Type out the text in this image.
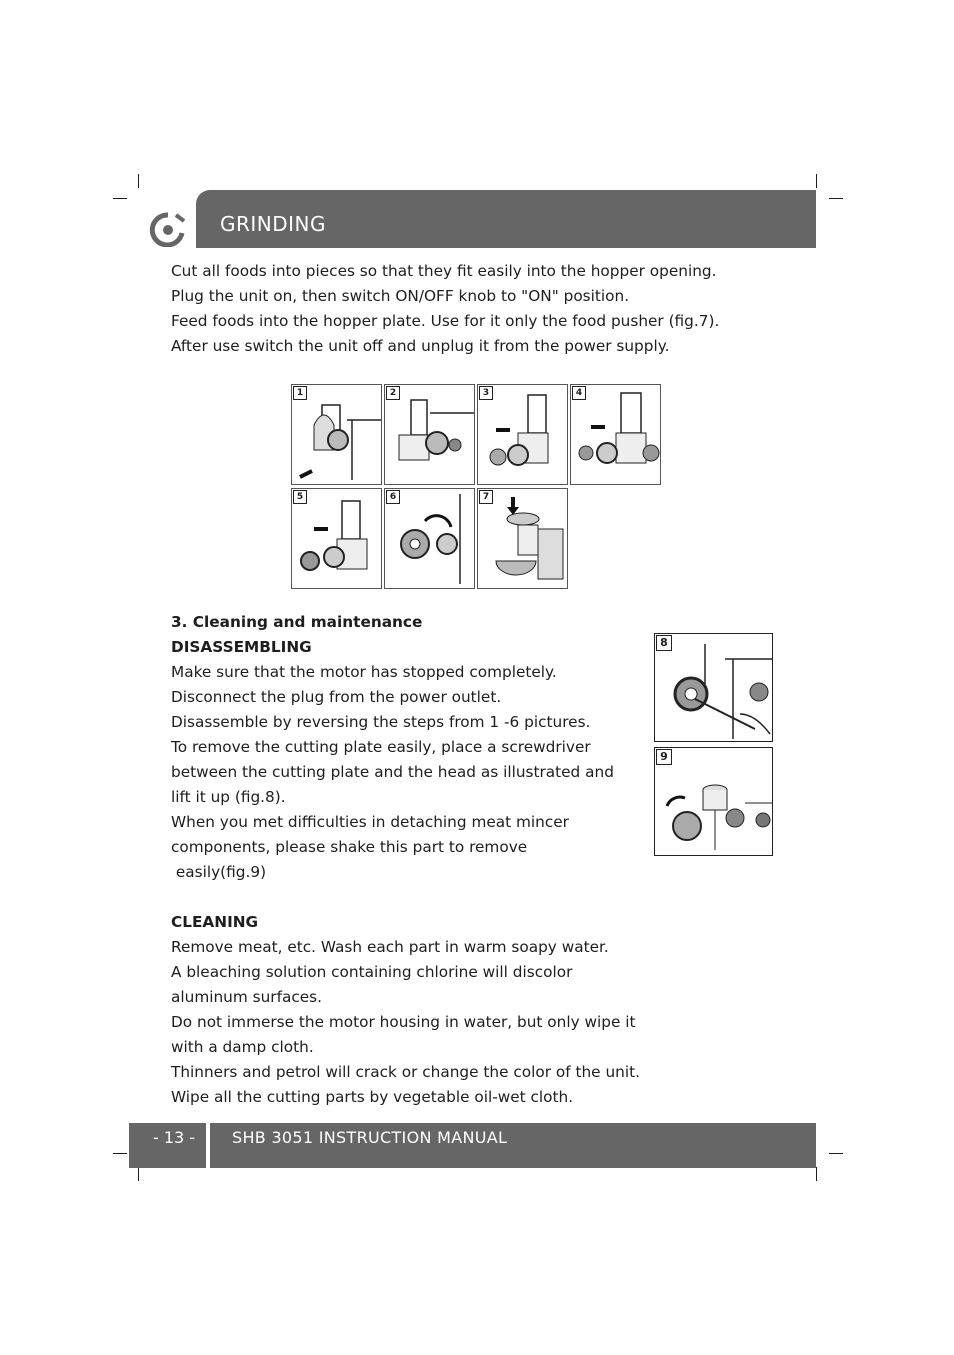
GRINDING
Cut all foods into pieces so that they fit easily into the hopper opening.
Plug the unit on, then switch ON/OFF knob to "ON" position.
Feed foods into the hopper plate. Use for it only the food pusher (fig.7).
After use switch the unit off and unplug it from the power supply.
1	2	3	4
5	6	7
3. Cleaning and maintenance
DISASSEMBLING
Make sure that the motor has stopped completely.
Disconnect the plug from the power outlet.
Disassemble by reversing the steps from 1 -6 pictures.
To remove the cutting plate easily, place a screwdriver
between the cutting plate and the head as illustrated and
lift it up (fig.8).
When you met difficulties in detaching meat mincer
components, please shake this part to remove
easily(fig.9)
8
9
CLEANING
Remove meat, etc. Wash each part in warm soapy water.
A bleaching solution containing chlorine will discolor
aluminum surfaces.
Do not immerse the motor housing in water, but only wipe it
with a damp cloth.
Thinners and petrol will crack or change the color of the unit.
Wipe all the cutting parts by vegetable oil-wet cloth.
- 13 - SHB 3051 INSTRUCTION MANUAL
